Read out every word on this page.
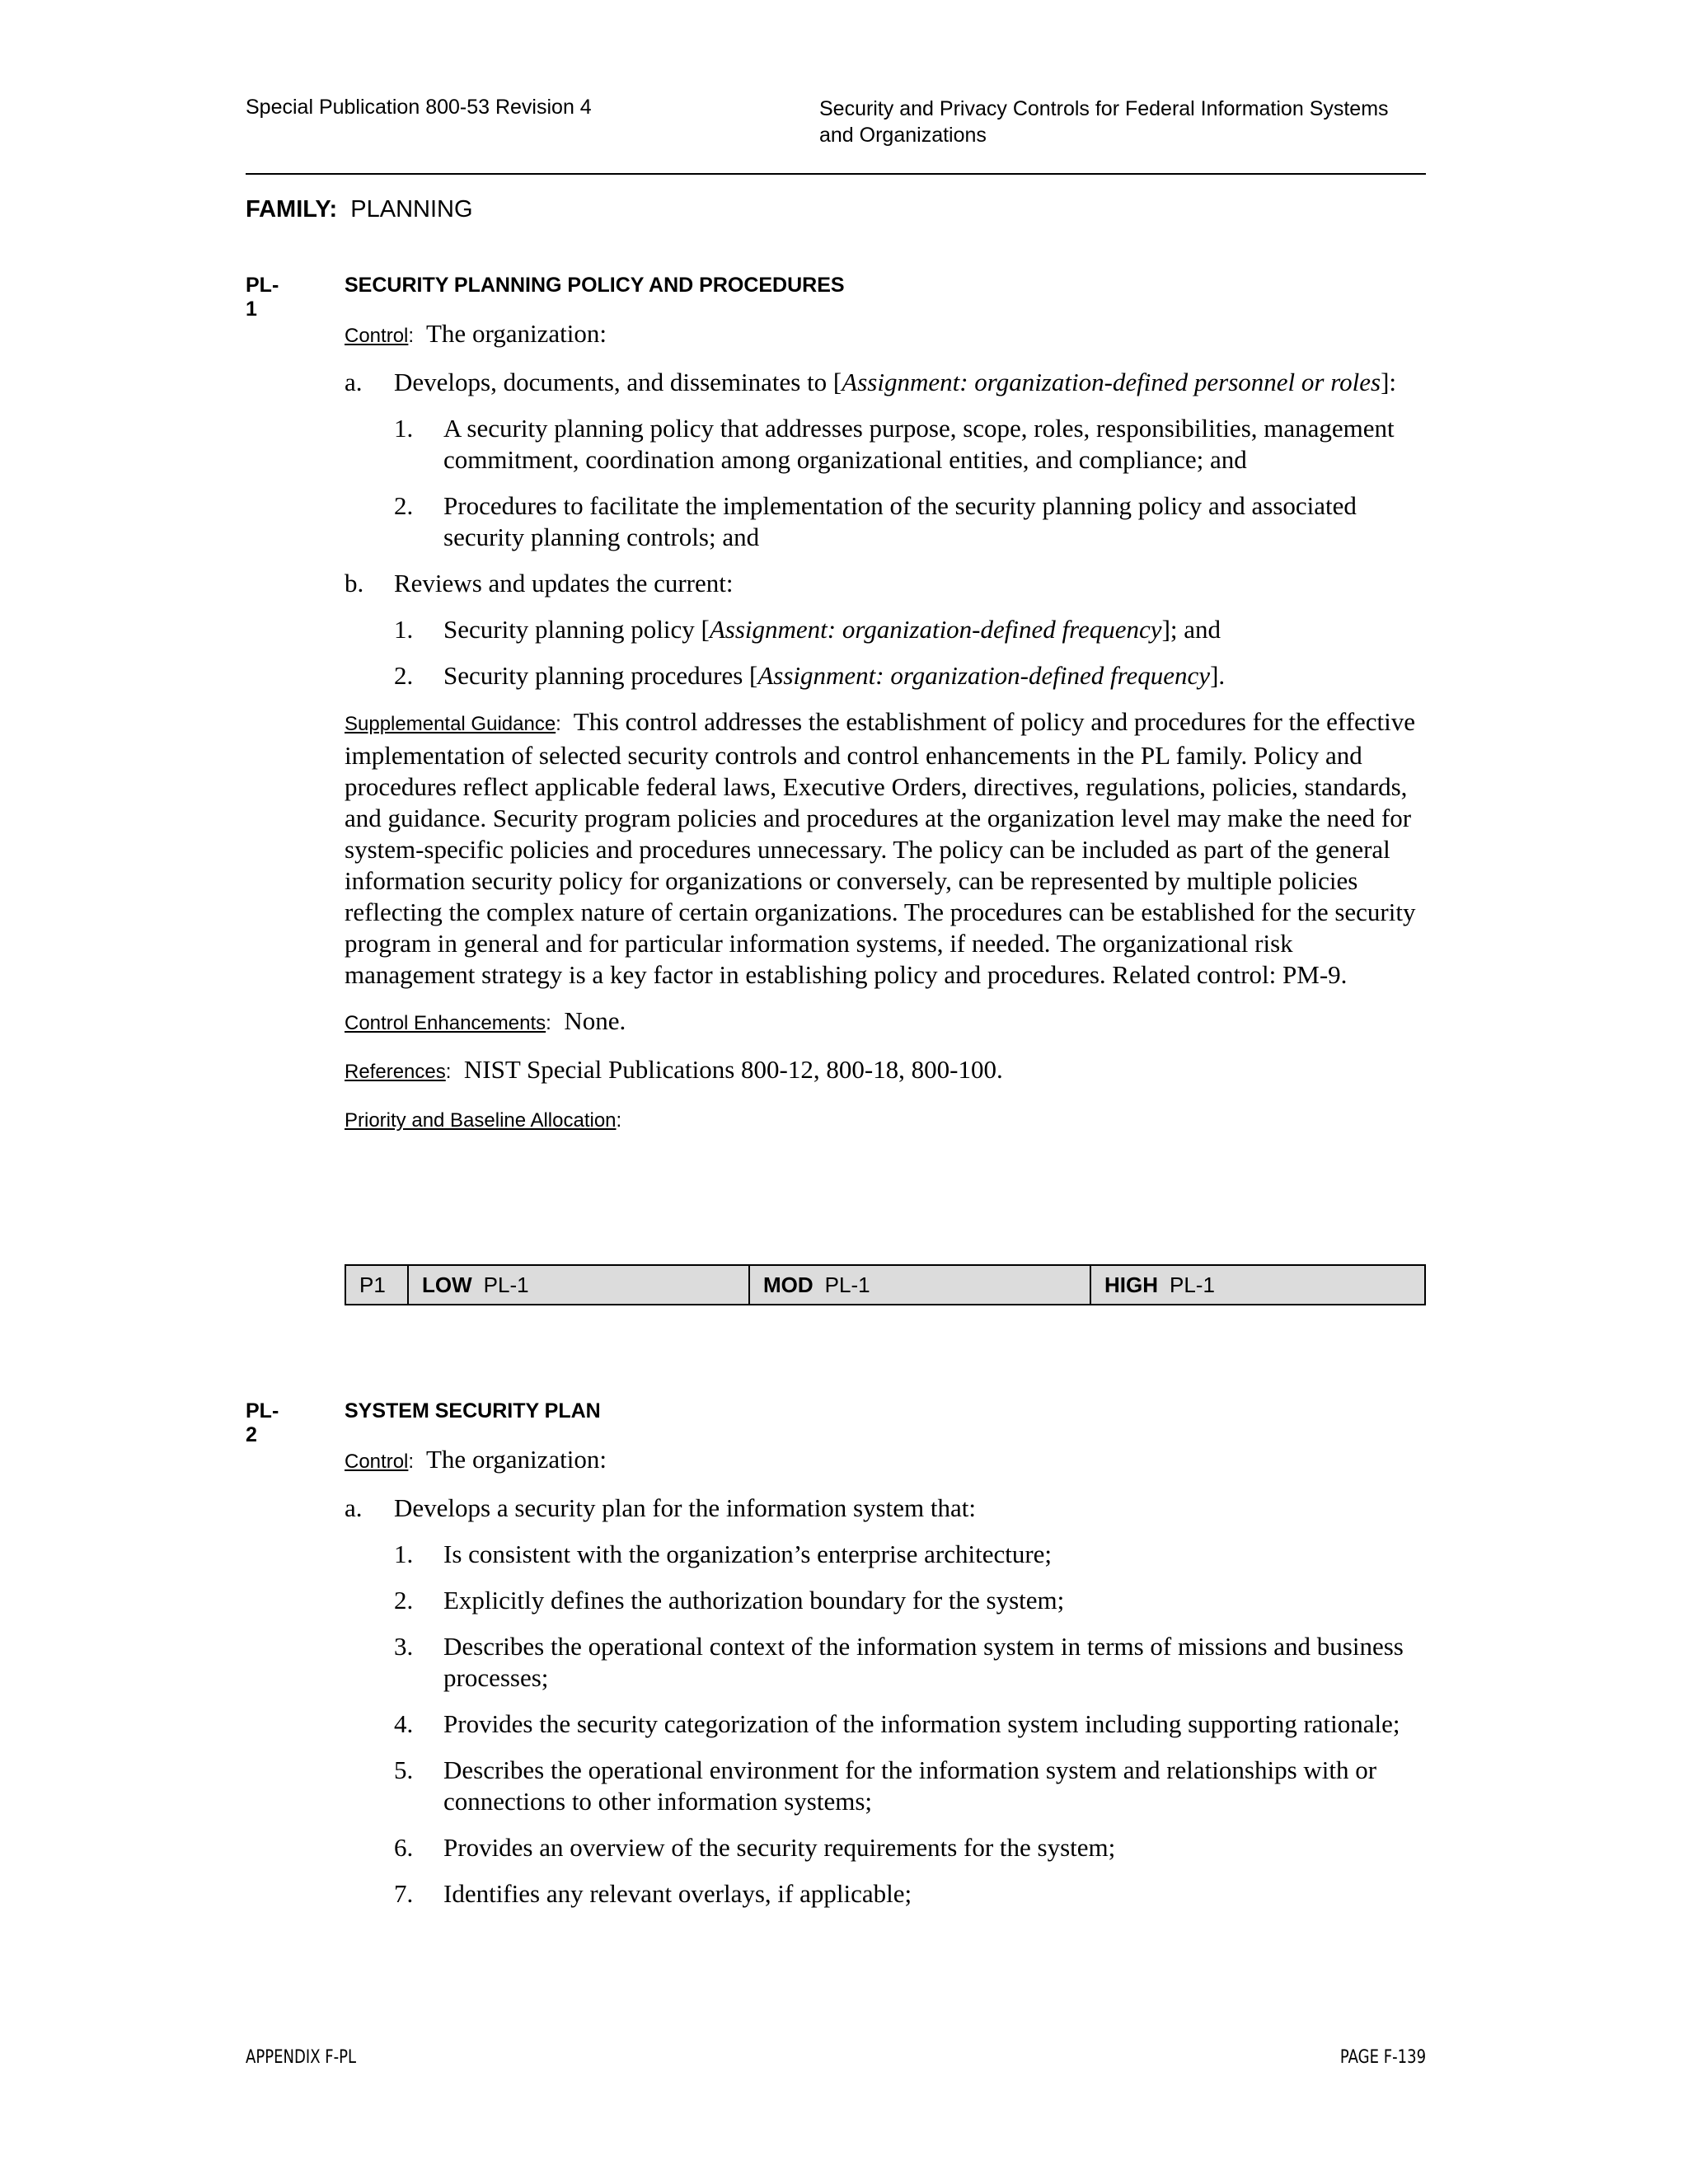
Special Publication 800-53 Revision 4	Security and Privacy Controls for Federal Information Systems
and Organizations
FAMILY: PLANNING
PL-1
SECURITY PLANNING POLICY AND PROCEDURES
Control: The organization:
a. Develops, documents, and disseminates to [Assignment: organization-defined personnel or roles]:
1. A security planning policy that addresses purpose, scope, roles, responsibilities, management commitment, coordination among organizational entities, and compliance; and
2. Procedures to facilitate the implementation of the security planning policy and associated security planning controls; and
b. Reviews and updates the current:
1. Security planning policy [Assignment: organization-defined frequency]; and
2. Security planning procedures [Assignment: organization-defined frequency].
Supplemental Guidance: This control addresses the establishment of policy and procedures for the effective implementation of selected security controls and control enhancements in the PL family. Policy and procedures reflect applicable federal laws, Executive Orders, directives, regulations, policies, standards, and guidance. Security program policies and procedures at the organization level may make the need for system-specific policies and procedures unnecessary. The policy can be included as part of the general information security policy for organizations or conversely, can be represented by multiple policies reflecting the complex nature of certain organizations. The procedures can be established for the security program in general and for particular information systems, if needed. The organizational risk management strategy is a key factor in establishing policy and procedures. Related control: PM-9.
Control Enhancements: None.
References: NIST Special Publications 800-12, 800-18, 800-100.
Priority and Baseline Allocation:
P1	LOW PL-1	MOD PL-1	HIGH PL-1
PL-2
SYSTEM SECURITY PLAN
Control: The organization:
a. Develops a security plan for the information system that:
1. Is consistent with the organization’s enterprise architecture;
2. Explicitly defines the authorization boundary for the system;
3. Describes the operational context of the information system in terms of missions and business processes;
4. Provides the security categorization of the information system including supporting rationale;
5. Describes the operational environment for the information system and relationships with or connections to other information systems;
6. Provides an overview of the security requirements for the system;
7. Identifies any relevant overlays, if applicable;
APPENDIX F-PL	PAGE F-139
